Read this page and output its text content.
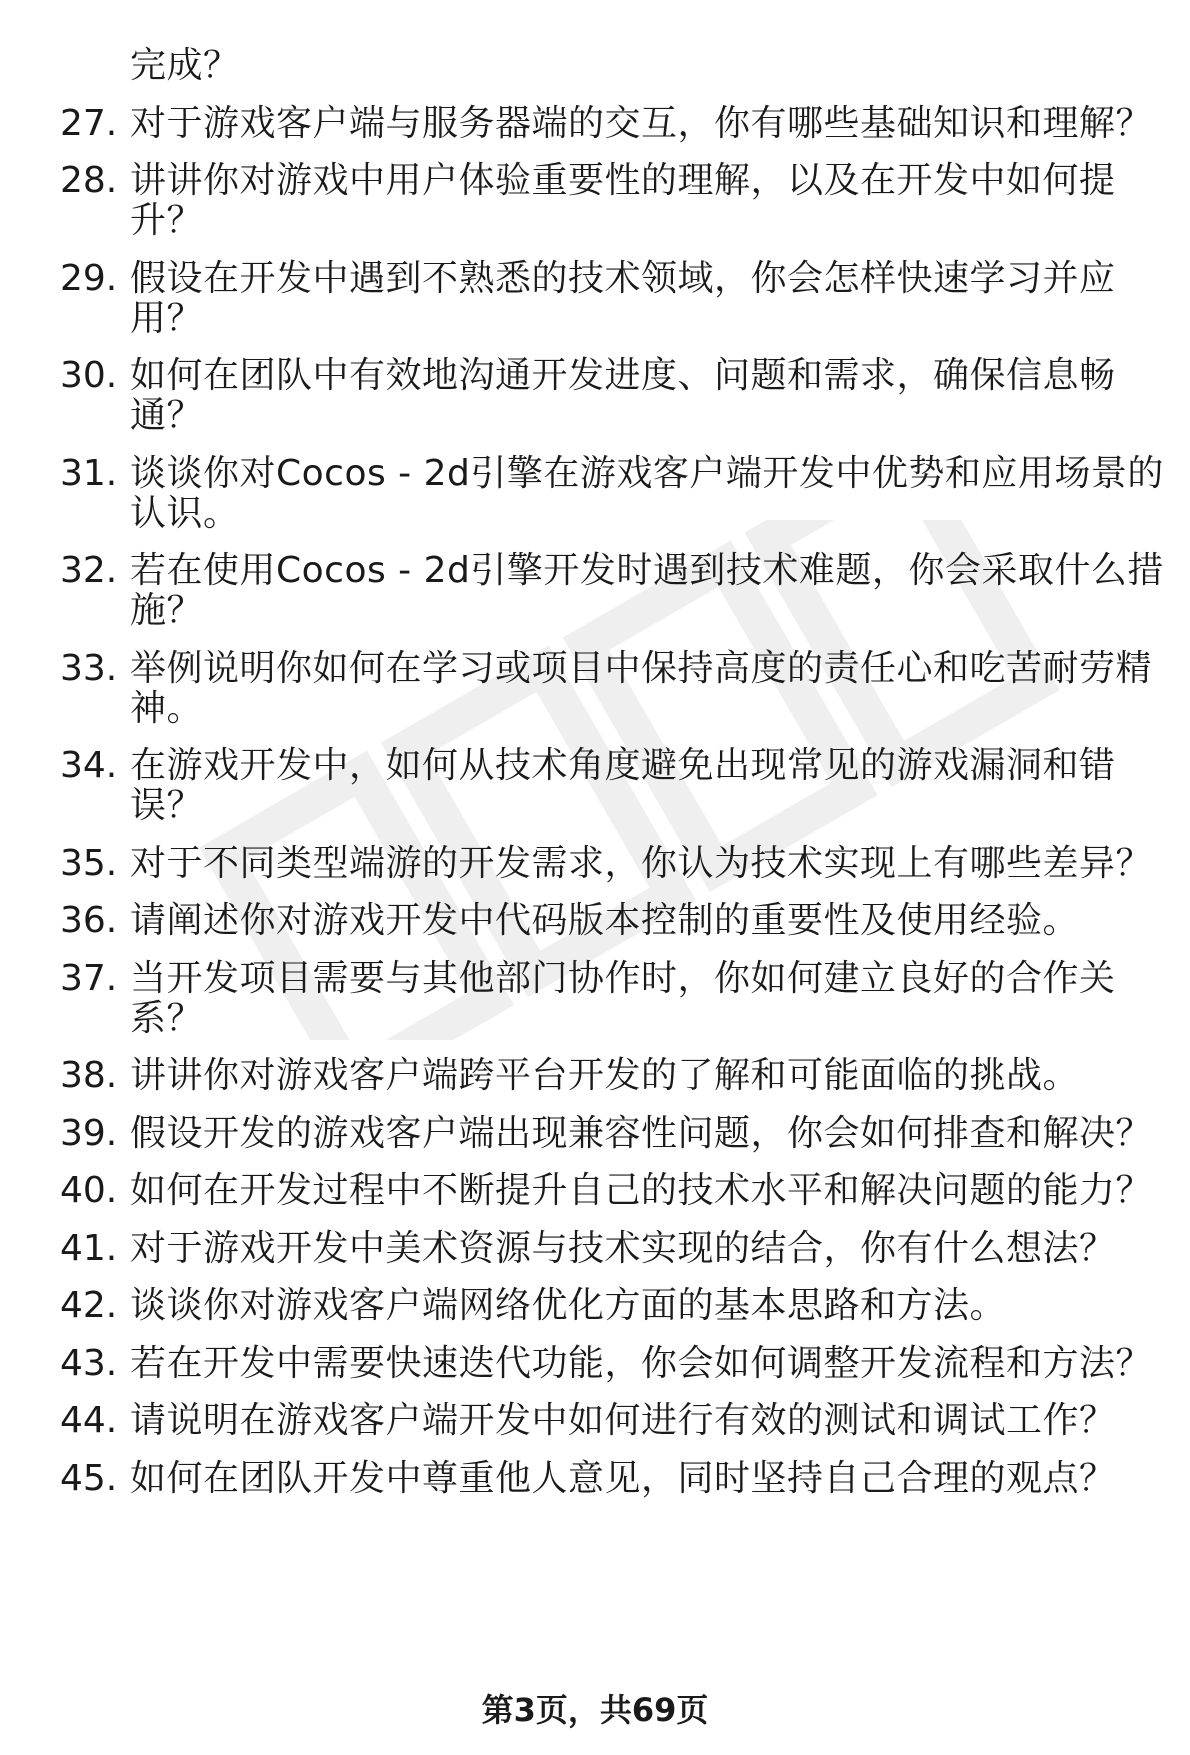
完成？
27. 对于游戏客户端与服务器端的交互，你有哪些基础知识和理解？
28. 讲讲你对游戏中用户体验重要性的理解，以及在开发中如何提
升？
29. 假设在开发中遇到不熟悉的技术领域，你会怎样快速学习并应
用？
30. 如何在团队中有效地沟通开发进度、问题和需求，确保信息畅
通？
31. 谈谈你对Cocos - 2d引擎在游戏客户端开发中优势和应用场景的
认识。
32. 若在使用Cocos - 2d引擎开发时遇到技术难题，你会采取什么措
施？
33. 举例说明你如何在学习或项目中保持高度的责任心和吃苦耐劳精
神。
34. 在游戏开发中，如何从技术角度避免出现常见的游戏漏洞和错
误？
35. 对于不同类型端游的开发需求，你认为技术实现上有哪些差异？
36. 请阐述你对游戏开发中代码版本控制的重要性及使用经验。
37. 当开发项目需要与其他部门协作时，你如何建立良好的合作关
系？
38. 讲讲你对游戏客户端跨平台开发的了解和可能面临的挑战。
39. 假设开发的游戏客户端出现兼容性问题，你会如何排查和解决？
40. 如何在开发过程中不断提升自己的技术水平和解决问题的能力？
41. 对于游戏开发中美术资源与技术实现的结合，你有什么想法？
42. 谈谈你对游戏客户端网络优化方面的基本思路和方法。
43. 若在开发中需要快速迭代功能，你会如何调整开发流程和方法？
44. 请说明在游戏客户端开发中如何进行有效的测试和调试工作？
45. 如何在团队开发中尊重他人意见，同时坚持自己合理的观点？
第3页，共69页
